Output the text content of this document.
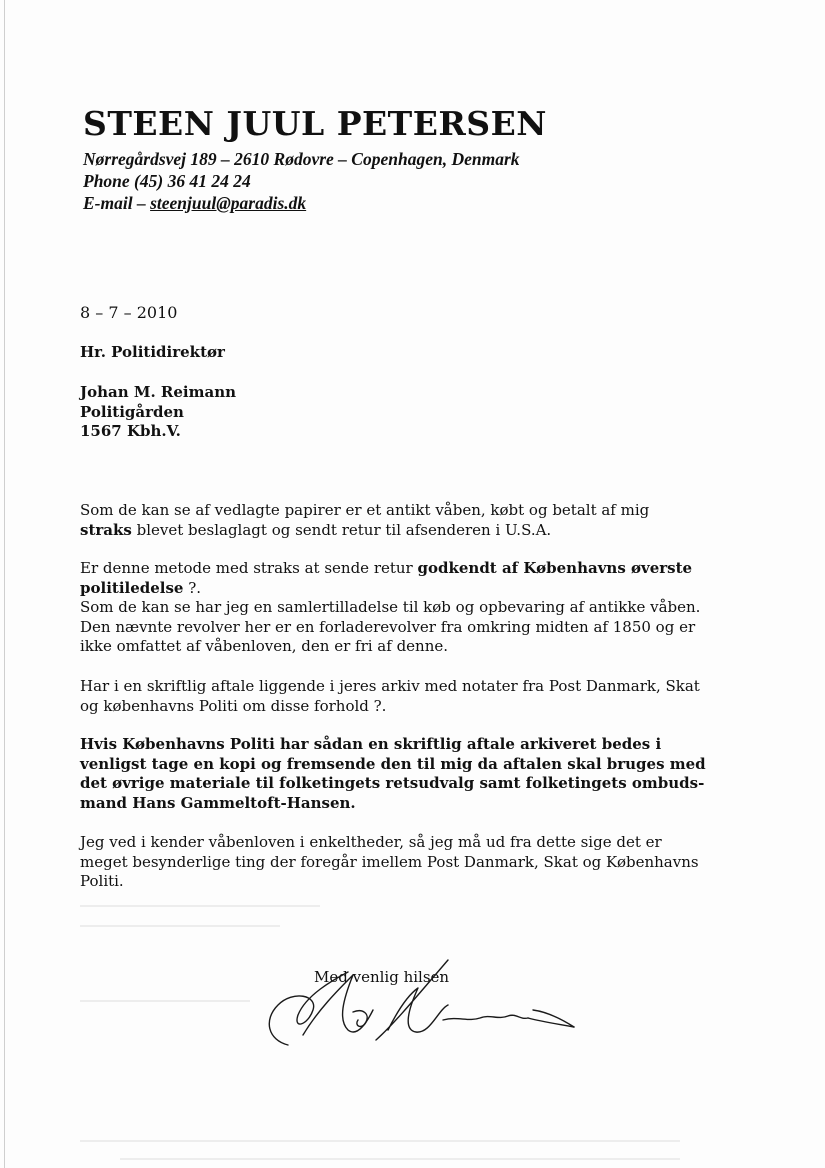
STEEN JUUL PETERSEN
Nørregårdsvej 189 – 2610 Rødovre – Copenhagen, Denmark
Phone (45) 36 41 24 24
E-mail – steenjuul@paradis.dk
8 – 7 – 2010
Hr. Politidirektør
Johan M. Reimann
Politigården
1567 Kbh.V.
Som de kan se af vedlagte papirer er et antikt våben, købt og betalt af mig
straks blevet beslaglagt og sendt retur til afsenderen i U.S.A.
Er denne metode med straks at sende retur godkendt af Københavns øverste
politiledelse ?.
Som de kan se har jeg en samlertilladelse til køb og opbevaring af antikke våben.
Den nævnte revolver her er en forladerevolver fra omkring midten af 1850 og er
ikke omfattet af våbenloven, den er fri af denne.
Har i en skriftlig aftale liggende i jeres arkiv med notater fra Post Danmark, Skat
og københavns Politi om disse forhold ?.
Hvis Københavns Politi har sådan en skriftlig aftale arkiveret bedes i
venligst tage en kopi og fremsende den til mig da aftalen skal bruges med
det øvrige materiale til folketingets retsudvalg samt folketingets ombuds-
mand Hans Gammeltoft-Hansen.
Jeg ved i kender våbenloven i enkeltheder, så jeg må ud fra dette sige det er
meget besynderlige ting der foregår imellem Post Danmark, Skat og Københavns
Politi.
Med venlig hilsen
